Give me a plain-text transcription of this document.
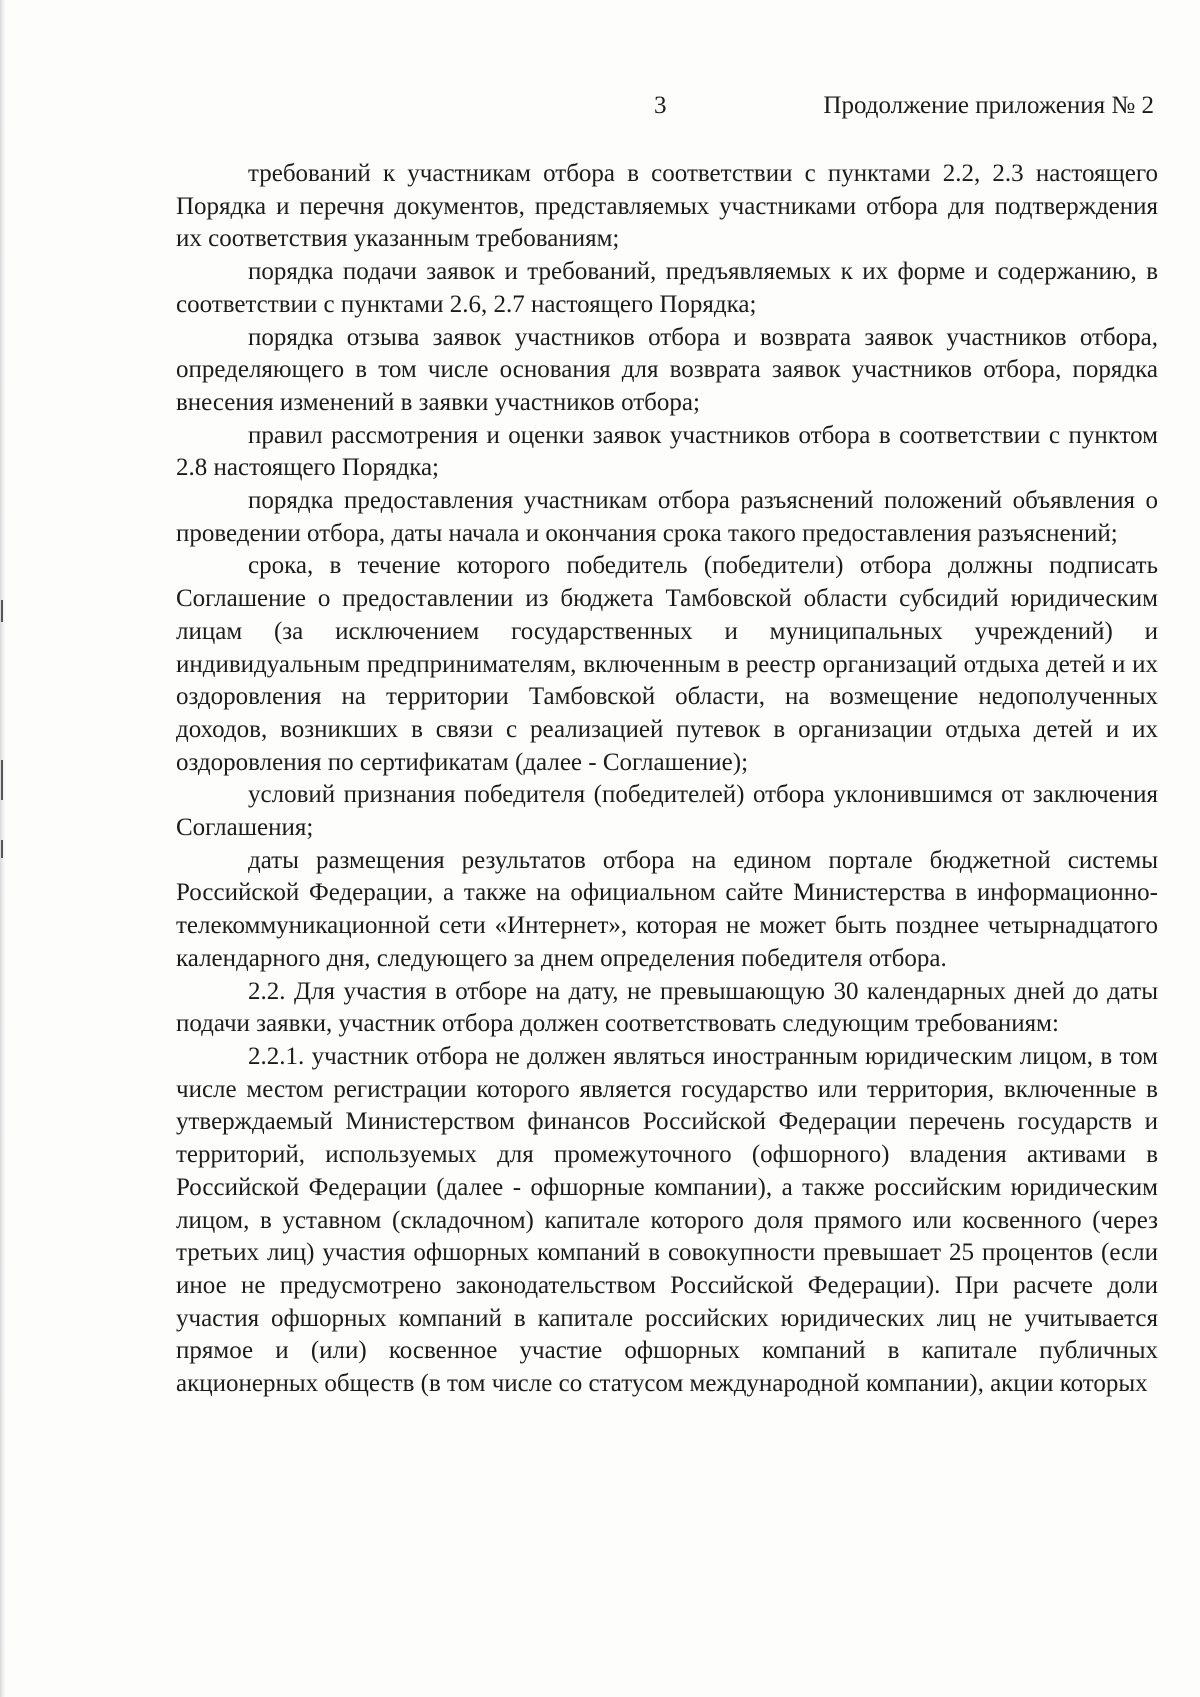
3	Продолжение приложения № 2

требований к участникам отбора в соответствии с пунктами 2.2, 2.3 настоящего Порядка и перечня документов, представляемых участниками отбора для подтверждения их соответствия указанным требованиям;

порядка подачи заявок и требований, предъявляемых к их форме и содержанию, в соответствии с пунктами 2.6, 2.7 настоящего Порядка;

порядка отзыва заявок участников отбора и возврата заявок участников отбора, определяющего в том числе основания для возврата заявок участников отбора, порядка внесения изменений в заявки участников отбора;

правил рассмотрения и оценки заявок участников отбора в соответствии с пунктом 2.8 настоящего Порядка;

порядка предоставления участникам отбора разъяснений положений объявления о проведении отбора, даты начала и окончания срока такого предоставления разъяснений;

срока, в течение которого победитель (победители) отбора должны подписать Соглашение о предоставлении из бюджета Тамбовской области субсидий юридическим лицам (за исключением государственных и муниципальных учреждений) и индивидуальным предпринимателям, включенным в реестр организаций отдыха детей и их оздоровления на территории Тамбовской области, на возмещение недополученных доходов, возникших в связи с реализацией путевок в организации отдыха детей и их оздоровления по сертификатам (далее - Соглашение);

условий признания победителя (победителей) отбора уклонившимся от заключения Соглашения;

даты размещения результатов отбора на едином портале бюджетной системы Российской Федерации, а также на официальном сайте Министерства в информационно-телекоммуникационной сети «Интернет», которая не может быть позднее четырнадцатого календарного дня, следующего за днем определения победителя отбора.

2.2. Для участия в отборе на дату, не превышающую 30 календарных дней до даты подачи заявки, участник отбора должен соответствовать следующим требованиям:

2.2.1. участник отбора не должен являться иностранным юридическим лицом, в том числе местом регистрации которого является государство или территория, включенные в утверждаемый Министерством финансов Российской Федерации перечень государств и территорий, используемых для промежуточного (офшорного) владения активами в Российской Федерации (далее - офшорные компании), а также российским юридическим лицом, в уставном (складочном) капитале которого доля прямого или косвенного (через третьих лиц) участия офшорных компаний в совокупности превышает 25 процентов (если иное не предусмотрено законодательством Российской Федерации). При расчете доли участия офшорных компаний в капитале российских юридических лиц не учитывается прямое и (или) косвенное участие офшорных компаний в капитале публичных акционерных обществ (в том числе со статусом международной компании), акции которых
